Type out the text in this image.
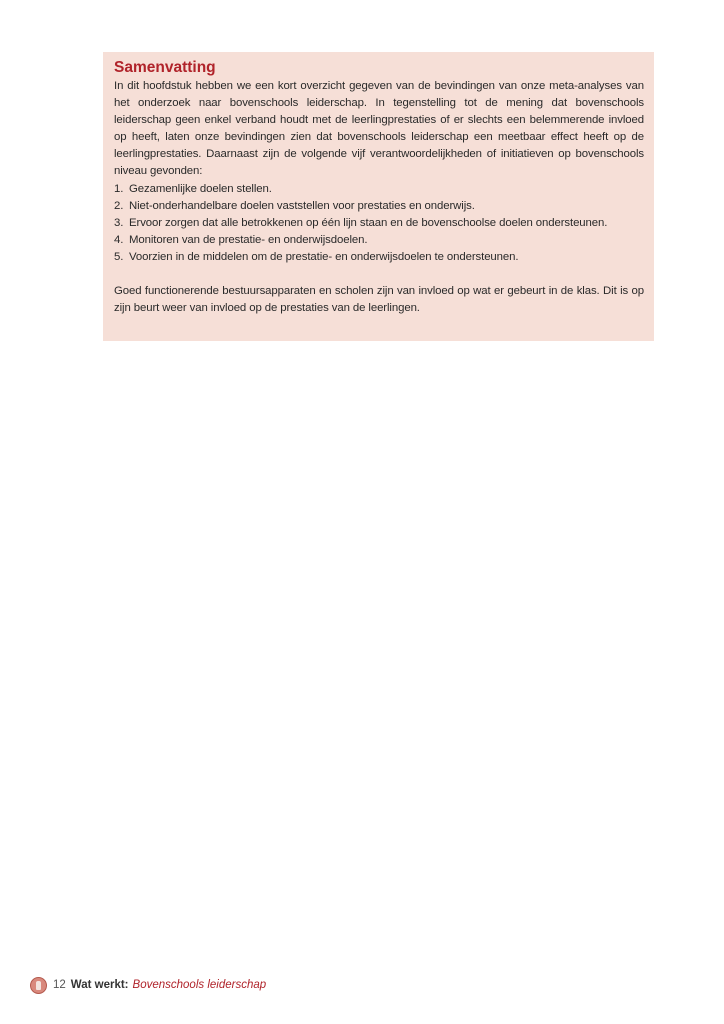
Samenvatting

In dit hoofdstuk hebben we een kort overzicht gegeven van de bevindingen van onze meta-analyses van het onderzoek naar bovenschools leiderschap. In tegenstelling tot de mening dat bovenschools leiderschap geen enkel verband houdt met de leerlingprestaties of er slechts een belemmerende invloed op heeft, laten onze bevindingen zien dat bovenschools leiderschap een meetbaar effect heeft op de leerlingprestaties. Daarnaast zijn de volgende vijf verantwoordelijkheden of initiatieven op bovenschools niveau gevonden:

1. Gezamenlijke doelen stellen.
2. Niet-onderhandelbare doelen vaststellen voor prestaties en onderwijs.
3. Ervoor zorgen dat alle betrokkenen op één lijn staan en de bovenschoolse doelen ondersteunen.
4. Monitoren van de prestatie- en onderwijsdoelen.
5. Voorzien in de middelen om de prestatie- en onderwijsdoelen te ondersteunen.

Goed functionerende bestuursapparaten en scholen zijn van invloed op wat er gebeurt in de klas. Dit is op zijn beurt weer van invloed op de prestaties van de leerlingen.

12 Wat werkt: Bovenschools leiderschap
